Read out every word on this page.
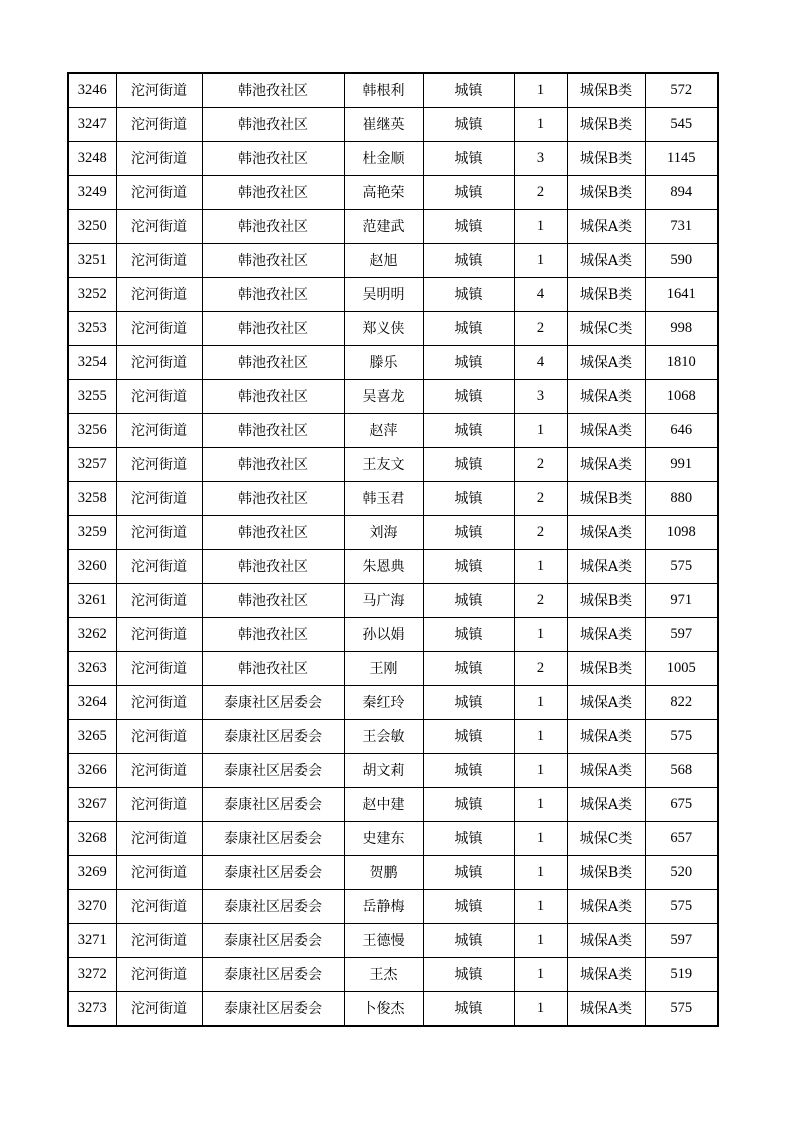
3246	沱河街道	韩池孜社区	韩根利	城镇	1	城保B类	572
3247	沱河街道	韩池孜社区	崔继英	城镇	1	城保B类	545
3248	沱河街道	韩池孜社区	杜金顺	城镇	3	城保B类	1145
3249	沱河街道	韩池孜社区	高艳荣	城镇	2	城保B类	894
3250	沱河街道	韩池孜社区	范建武	城镇	1	城保A类	731
3251	沱河街道	韩池孜社区	赵旭	城镇	1	城保A类	590
3252	沱河街道	韩池孜社区	吴明明	城镇	4	城保B类	1641
3253	沱河街道	韩池孜社区	郑义侠	城镇	2	城保C类	998
3254	沱河街道	韩池孜社区	滕乐	城镇	4	城保A类	1810
3255	沱河街道	韩池孜社区	吴喜龙	城镇	3	城保A类	1068
3256	沱河街道	韩池孜社区	赵萍	城镇	1	城保A类	646
3257	沱河街道	韩池孜社区	王友文	城镇	2	城保A类	991
3258	沱河街道	韩池孜社区	韩玉君	城镇	2	城保B类	880
3259	沱河街道	韩池孜社区	刘海	城镇	2	城保A类	1098
3260	沱河街道	韩池孜社区	朱恩典	城镇	1	城保A类	575
3261	沱河街道	韩池孜社区	马广海	城镇	2	城保B类	971
3262	沱河街道	韩池孜社区	孙以娟	城镇	1	城保A类	597
3263	沱河街道	韩池孜社区	王刚	城镇	2	城保B类	1005
3264	沱河街道	泰康社区居委会	秦红玲	城镇	1	城保A类	822
3265	沱河街道	泰康社区居委会	王会敏	城镇	1	城保A类	575
3266	沱河街道	泰康社区居委会	胡文莉	城镇	1	城保A类	568
3267	沱河街道	泰康社区居委会	赵中建	城镇	1	城保A类	675
3268	沱河街道	泰康社区居委会	史建东	城镇	1	城保C类	657
3269	沱河街道	泰康社区居委会	贺鹏	城镇	1	城保B类	520
3270	沱河街道	泰康社区居委会	岳静梅	城镇	1	城保A类	575
3271	沱河街道	泰康社区居委会	王德慢	城镇	1	城保A类	597
3272	沱河街道	泰康社区居委会	王杰	城镇	1	城保A类	519
3273	沱河街道	泰康社区居委会	卜俊杰	城镇	1	城保A类	575
